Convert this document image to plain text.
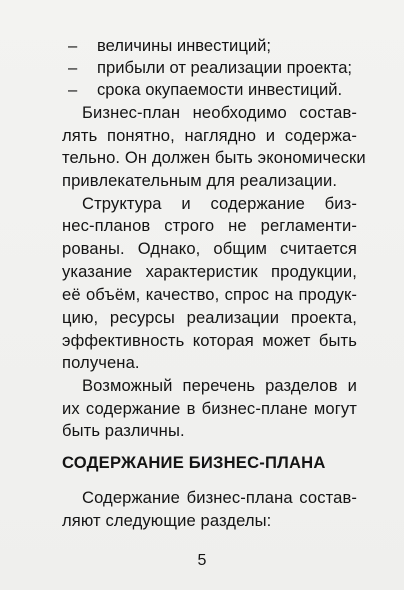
– величины инвестиций;
– прибыли от реализации проекта;
– срока окупаемости инвестиций.
Бизнес-план необходимо состав-
лять понятно, наглядно и содержа-
тельно. Он должен быть экономически
привлекательным для реализации.
Структура и содержание биз-
нес-планов строго не регламенти-
рованы. Однако, общим считается
указание характеристик продукции,
её объём, качество, спрос на продук-
цию, ресурсы реализации проекта,
эффективность которая может быть
получена.
Возможный перечень разделов и
их содержание в бизнес-плане могут
быть различны.
СОДЕРЖАНИЕ БИЗНЕС-ПЛАНА
Содержание бизнес-плана состав-
ляют следующие разделы:
5
